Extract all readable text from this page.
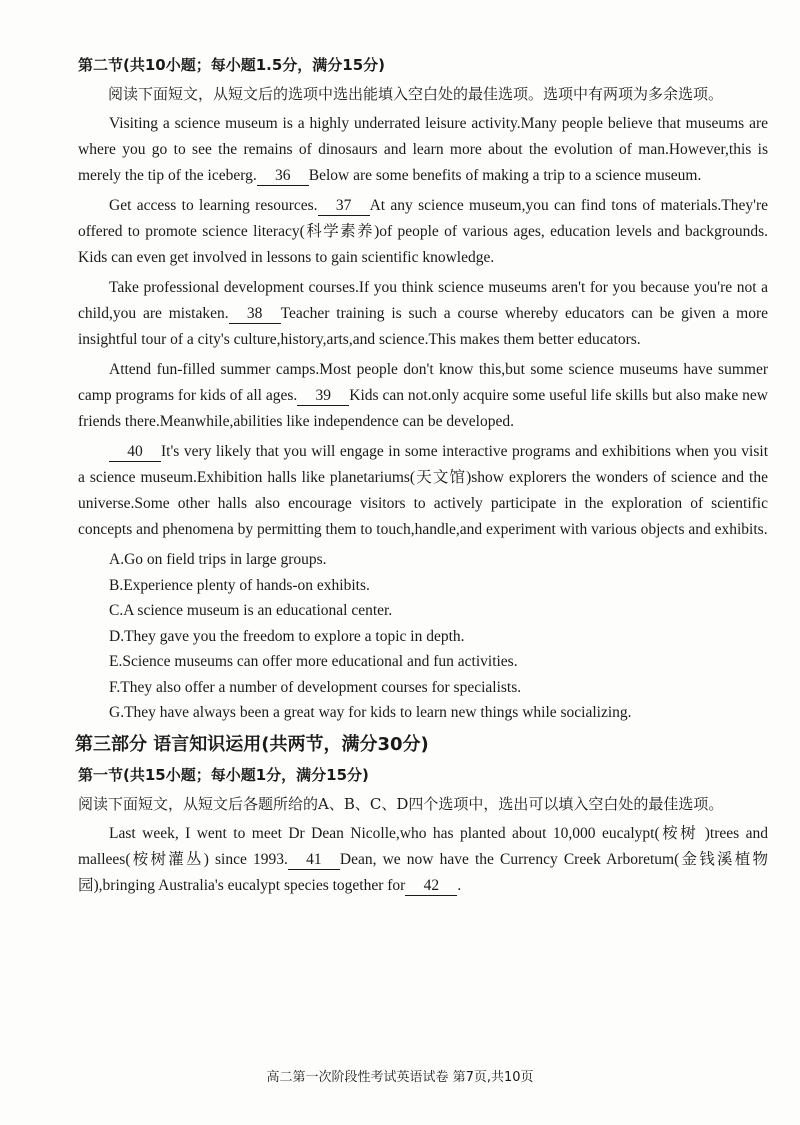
第二节(共10小题；每小题1.5分，满分15分)

阅读下面短文，从短文后的选项中选出能填入空白处的最佳选项。选项中有两项为多余选项。

Visiting a science museum is a highly underrated leisure activity.Many people believe that museums are where you go to see the remains of dinosaurs and learn more about the evolution of man.However,this is merely the tip of the iceberg. 36 Below are some benefits of making a trip to a science museum.

Get access to learning resources. 37 At any science museum,you can find tons of materials.They're offered to promote science literacy(科学素养)of people of various ages, education levels and backgrounds. Kids can even get involved in lessons to gain scientific knowledge.

Take professional development courses.If you think science museums aren't for you because you're not a child,you are mistaken. 38 Teacher training is such a course whereby educators can be given a more insightful tour of a city's culture,history,arts,and science.This makes them better educators.

Attend fun-filled summer camps.Most people don't know this,but some science museums have summer camp programs for kids of all ages. 39 Kids can not.only acquire some useful life skills but also make new friends there.Meanwhile,abilities like independence can be developed.

40 It's very likely that you will engage in some interactive programs and exhibitions when you visit a science museum.Exhibition halls like planetariums(天文馆)show explorers the wonders of science and the universe.Some other halls also encourage visitors to actively participate in the exploration of scientific concepts and phenomena by permitting them to touch,handle,and experiment with various objects and exhibits.

A.Go on field trips in large groups.
B.Experience plenty of hands-on exhibits.
C.A science museum is an educational center.
D.They gave you the freedom to explore a topic in depth.
E.Science museums can offer more educational and fun activities.
F.They also offer a number of development courses for specialists.
G.They have always been a great way for kids to learn new things while socializing.
第三部分 语言知识运用(共两节，满分30分)
第一节(共15小题；每小题1分，满分15分)

阅读下面短文，从短文后各题所给的A、B、C、D四个选项中，选出可以填入空白处的最佳选项。

Last week, I went to meet Dr Dean Nicolle,who has planted about 10,000 eucalypt(桉树 )trees and mallees(桉树灌丛) since 1993. 41 Dean, we now have the Currency Creek Arboretum(金钱溪植物园),bringing Australia's eucalypt species together for 42 .

高二第一次阶段性考试英语试卷 第7页,共10页
